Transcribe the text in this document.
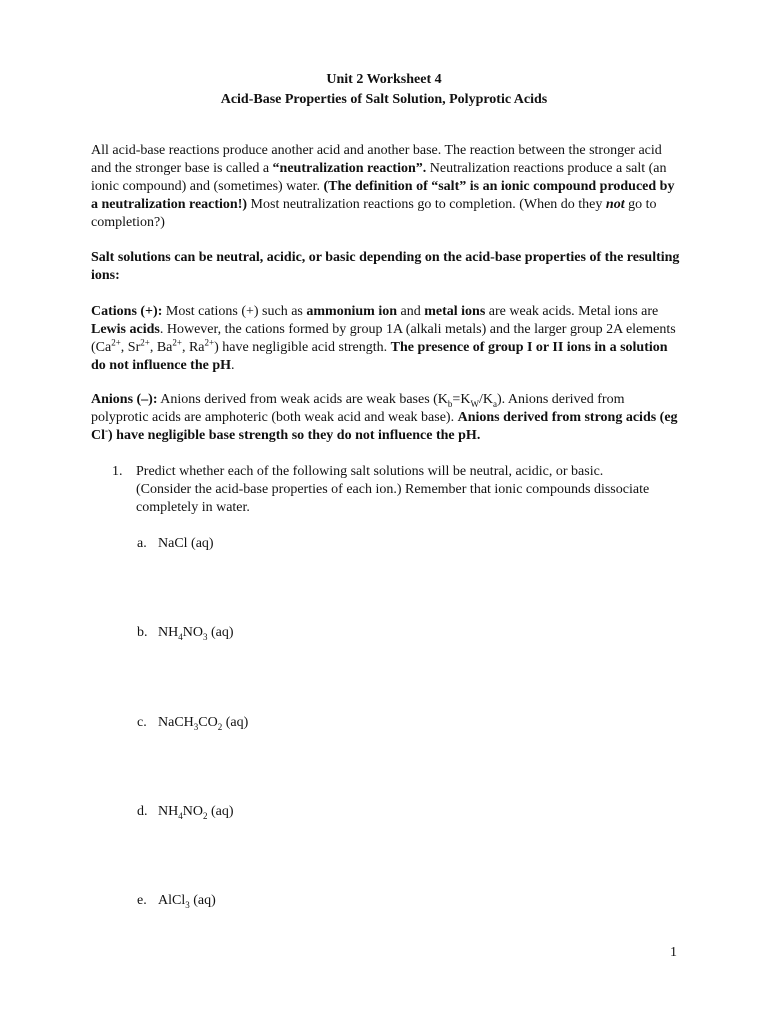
Unit 2 Worksheet 4
Acid-Base Properties of Salt Solution, Polyprotic Acids
All acid-base reactions produce another acid and another base. The reaction between the stronger acid and the stronger base is called a “neutralization reaction”. Neutralization reactions produce a salt (an ionic compound) and (sometimes) water. (The definition of “salt” is an ionic compound produced by a neutralization reaction!) Most neutralization reactions go to completion. (When do they not go to completion?)
Salt solutions can be neutral, acidic, or basic depending on the acid-base properties of the resulting ions:
Cations (+): Most cations (+) such as ammonium ion and metal ions are weak acids. Metal ions are Lewis acids. However, the cations formed by group 1A (alkali metals) and the larger group 2A elements ($Ca^{2+}$, $Sr^{2+}$, $Ba^{2+}$, $Ra^{2+}$) have negligible acid strength. The presence of group I or II ions in a solution do not influence the pH.
Anions (–): Anions derived from weak acids are weak bases $(K_b=K_W/K_a)$. Anions derived from polyprotic acids are amphoteric (both weak acid and weak base). Anions derived from strong acids (eg Cl-) have negligible base strength so they do not influence the pH.
1. Predict whether each of the following salt solutions will be neutral, acidic, or basic. (Consider the acid-base properties of each ion.) Remember that ionic compounds dissociate completely in water.
a. NaCl (aq)
b. $NH_4NO_3$ (aq)
c. $NaCH_3CO_2$ (aq)
d. $NH_4NO_2$ (aq)
e. AlCl$_3$ (aq)
1
